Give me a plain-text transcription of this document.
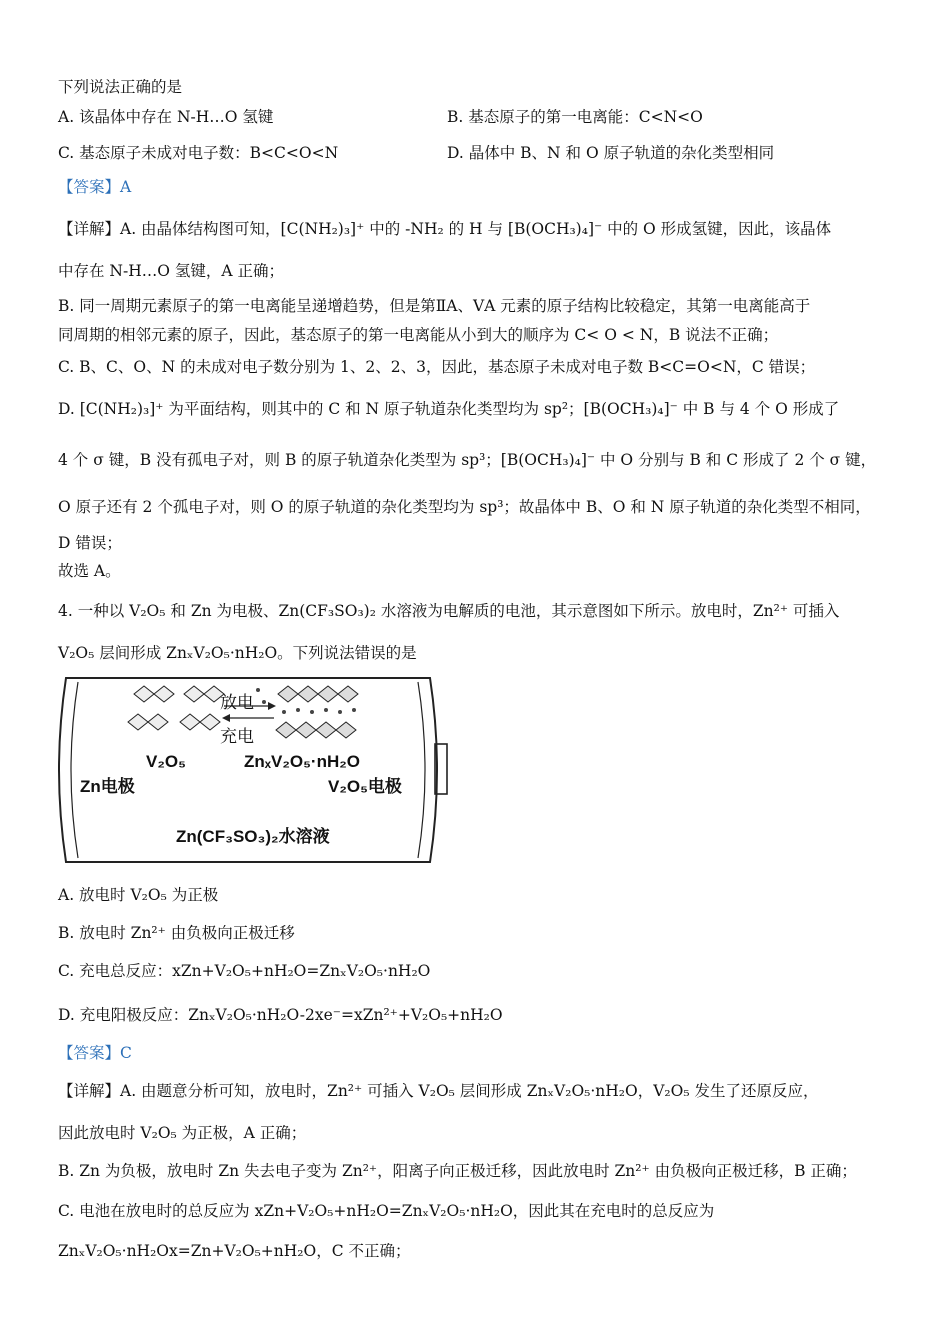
下列说法正确的是
A. 该晶体中存在 N-H…O 氢键	B. 基态原子的第一电离能：C<N<O
C. 基态原子未成对电子数：B<C<O<N	D. 晶体中 B、N 和 O 原子轨道的杂化类型相同
【答案】A
【详解】A. 由晶体结构图可知，[C(NH₂)₃]⁺ 中的 -NH₂ 的 H 与 [B(OCH₃)₄]⁻ 中的 O 形成氢键，因此，该晶体
中存在 N-H…O 氢键，A 正确；
B. 同一周期元素原子的第一电离能呈递增趋势，但是第ⅡA、ⅤA 元素的原子结构比较稳定，其第一电离能高于
同周期的相邻元素的原子，因此，基态原子的第一电离能从小到大的顺序为 C< O < N，B 说法不正确；
C. B、C、O、N 的未成对电子数分别为 1、2、2、3，因此，基态原子未成对电子数 B<C=O<N，C 错误；
D. [C(NH₂)₃]⁺ 为平面结构，则其中的 C 和 N 原子轨道杂化类型均为 sp²；[B(OCH₃)₄]⁻ 中 B 与 4 个 O 形成了
4 个 σ 键，B 没有孤电子对，则 B 的原子轨道杂化类型为 sp³；[B(OCH₃)₄]⁻ 中 O 分别与 B 和 C 形成了 2 个 σ 键，
O 原子还有 2 个孤电子对，则 O 的原子轨道的杂化类型均为 sp³；故晶体中 B、O 和 N 原子轨道的杂化类型不相同，
D 错误；
故选 A。
4. 一种以 V₂O₅ 和 Zn 为电极、Zn(CF₃SO₃)₂ 水溶液为电解质的电池，其示意图如下所示。放电时，Zn²⁺ 可插入
V₂O₅ 层间形成 ZnₓV₂O₅·nH₂O。下列说法错误的是
放电
充电
V₂O₅	ZnₓV₂O₅·nH₂O
Zn电极	V₂O₅电极
Zn(CF₃SO₃)₂水溶液
A. 放电时 V₂O₅ 为正极
B. 放电时 Zn²⁺ 由负极向正极迁移
C. 充电总反应：xZn+V₂O₅+nH₂O=ZnₓV₂O₅·nH₂O
D. 充电阳极反应：ZnₓV₂O₅·nH₂O-2xe⁻=xZn²⁺+V₂O₅+nH₂O
【答案】C
【详解】A. 由题意分析可知，放电时，Zn²⁺ 可插入 V₂O₅ 层间形成 ZnₓV₂O₅·nH₂O，V₂O₅ 发生了还原反应，
因此放电时 V₂O₅ 为正极，A 正确；
B. Zn 为负极，放电时 Zn 失去电子变为 Zn²⁺，阳离子向正极迁移，因此放电时 Zn²⁺ 由负极向正极迁移，B 正确；
C. 电池在放电时的总反应为 xZn+V₂O₅+nH₂O=ZnₓV₂O₅·nH₂O，因此其在充电时的总反应为
ZnₓV₂O₅·nH₂Ox=Zn+V₂O₅+nH₂O，C 不正确；
